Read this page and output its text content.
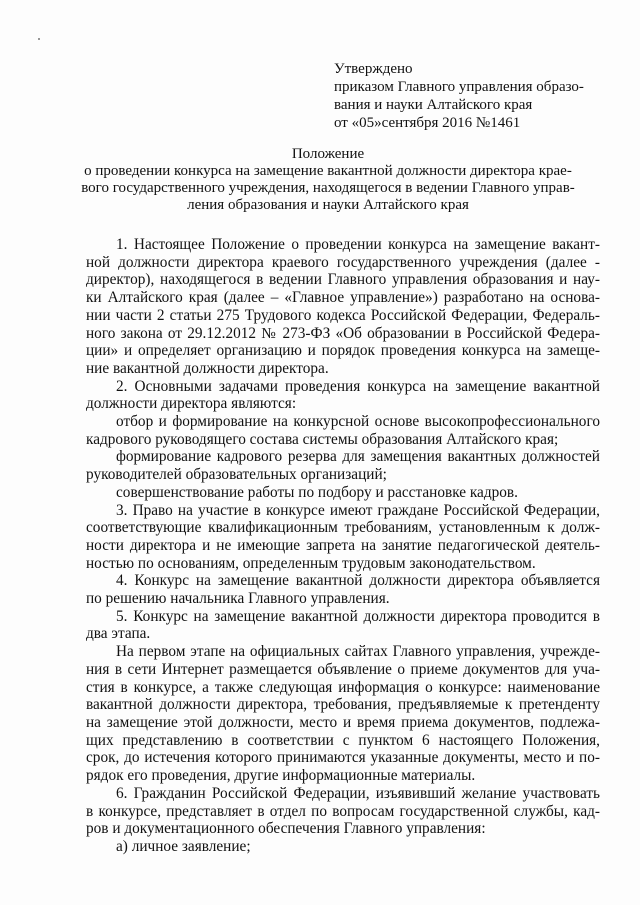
Утверждено
приказом Главного управления образо-
вания и науки Алтайского края
от «05»сентября 2016 №1461
Положение
о проведении конкурса на замещение вакантной должности директора крае-
вого государственного учреждения, находящегося в ведении Главного управ-
ления образования и науки Алтайского края
1. Настоящее Положение о проведении конкурса на замещение вакант-
ной должности директора краевого государственного учреждения (далее -
директор), находящегося в ведении Главного управления образования и нау-
ки Алтайского края (далее – «Главное управление») разработано на основа-
нии части 2 статьи 275 Трудового кодекса Российской Федерации, Федераль-
ного закона от 29.12.2012 № 273-ФЗ «Об образовании в Российской Федера-
ции» и определяет организацию и порядок проведения конкурса на замеще-
ние вакантной должности директора.
2. Основными задачами проведения конкурса на замещение вакантной
должности директора являются:
отбор и формирование на конкурсной основе высокопрофессионального
кадрового руководящего состава системы образования Алтайского края;
формирование кадрового резерва для замещения вакантных должностей
руководителей образовательных организаций;
совершенствование работы по подбору и расстановке кадров.
3. Право на участие в конкурсе имеют граждане Российской Федерации,
соответствующие квалификационным требованиям, установленным к долж-
ности директора и не имеющие запрета на занятие педагогической деятель-
ностью по основаниям, определенным трудовым законодательством.
4. Конкурс на замещение вакантной должности директора объявляется
по решению начальника Главного управления.
5. Конкурс на замещение вакантной должности директора проводится в
два этапа.
На первом этапе на официальных сайтах Главного управления, учрежде-
ния в сети Интернет размещается объявление о приеме документов для уча-
стия в конкурсе, а также следующая информация о конкурсе: наименование
вакантной должности директора, требования, предъявляемые к претенденту
на замещение этой должности, место и время приема документов, подлежа-
щих представлению в соответствии с пунктом 6 настоящего Положения,
срок, до истечения которого принимаются указанные документы, место и по-
рядок его проведения, другие информационные материалы.
6. Гражданин Российской Федерации, изъявивший желание участвовать
в конкурсе, представляет в отдел по вопросам государственной службы, кад-
ров и документационного обеспечения Главного управления:
а) личное заявление;
